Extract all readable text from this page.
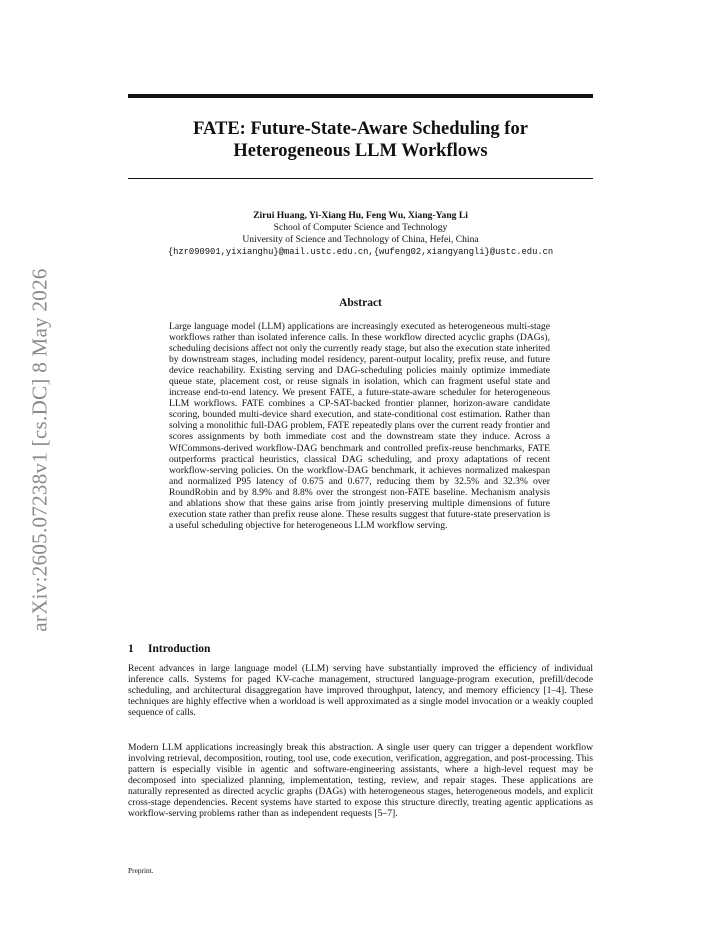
arXiv:2605.07238v1 [cs.DC] 8 May 2026
FATE: Future-State-Aware Scheduling for
Heterogeneous LLM Workflows
Zirui Huang, Yi-Xiang Hu, Feng Wu, Xiang-Yang Li
School of Computer Science and Technology
University of Science and Technology of China, Hefei, China
{hzr090901,yixianghu}@mail.ustc.edu.cn,{wufeng02,xiangyangli}@ustc.edu.cn
Abstract

Large language model (LLM) applications are increasingly executed as heterogeneous multi-stage workflows rather than isolated inference calls. In these workflow directed acyclic graphs (DAGs), scheduling decisions affect not only the currently ready stage, but also the execution state inherited by downstream stages, including model residency, parent-output locality, prefix reuse, and future device reachability. Existing serving and DAG-scheduling policies mainly optimize immediate queue state, placement cost, or reuse signals in isolation, which can fragment useful state and increase end-to-end latency. We present FATE, a future-state-aware scheduler for heterogeneous LLM workflows. FATE combines a CP-SAT-backed frontier planner, horizon-aware candidate scoring, bounded multi-device shard execution, and state-conditional cost estimation. Rather than solving a monolithic full-DAG problem, FATE repeatedly plans over the current ready frontier and scores assignments by both immediate cost and the downstream state they induce. Across a WfCommons-derived workflow-DAG benchmark and controlled prefix-reuse benchmarks, FATE outperforms practical heuristics, classical DAG scheduling, and proxy adaptations of recent workflow-serving policies. On the workflow-DAG benchmark, it achieves normalized makespan and normalized P95 latency of 0.675 and 0.677, reducing them by 32.5% and 32.3% over RoundRobin and by 8.9% and 8.8% over the strongest non-FATE baseline. Mechanism analysis and ablations show that these gains arise from jointly preserving multiple dimensions of future execution state rather than prefix reuse alone. These results suggest that future-state preservation is a useful scheduling objective for heterogeneous LLM workflow serving.

1 Introduction

Recent advances in large language model (LLM) serving have substantially improved the efficiency of individual inference calls. Systems for paged KV-cache management, structured language-program execution, prefill/decode scheduling, and architectural disaggregation have improved throughput, latency, and memory efficiency [1–4]. These techniques are highly effective when a workload is well approximated as a single model invocation or a weakly coupled sequence of calls.

Modern LLM applications increasingly break this abstraction. A single user query can trigger a dependent workflow involving retrieval, decomposition, routing, tool use, code execution, verification, aggregation, and post-processing. This pattern is especially visible in agentic and software-engineering assistants, where a high-level request may be decomposed into specialized planning, implementation, testing, review, and repair stages. These applications are naturally represented as directed acyclic graphs (DAGs) with heterogeneous stages, heterogeneous models, and explicit cross-stage dependencies. Recent systems have started to expose this structure directly, treating agentic applications as workflow-serving problems rather than as independent requests [5–7].

Preprint.
